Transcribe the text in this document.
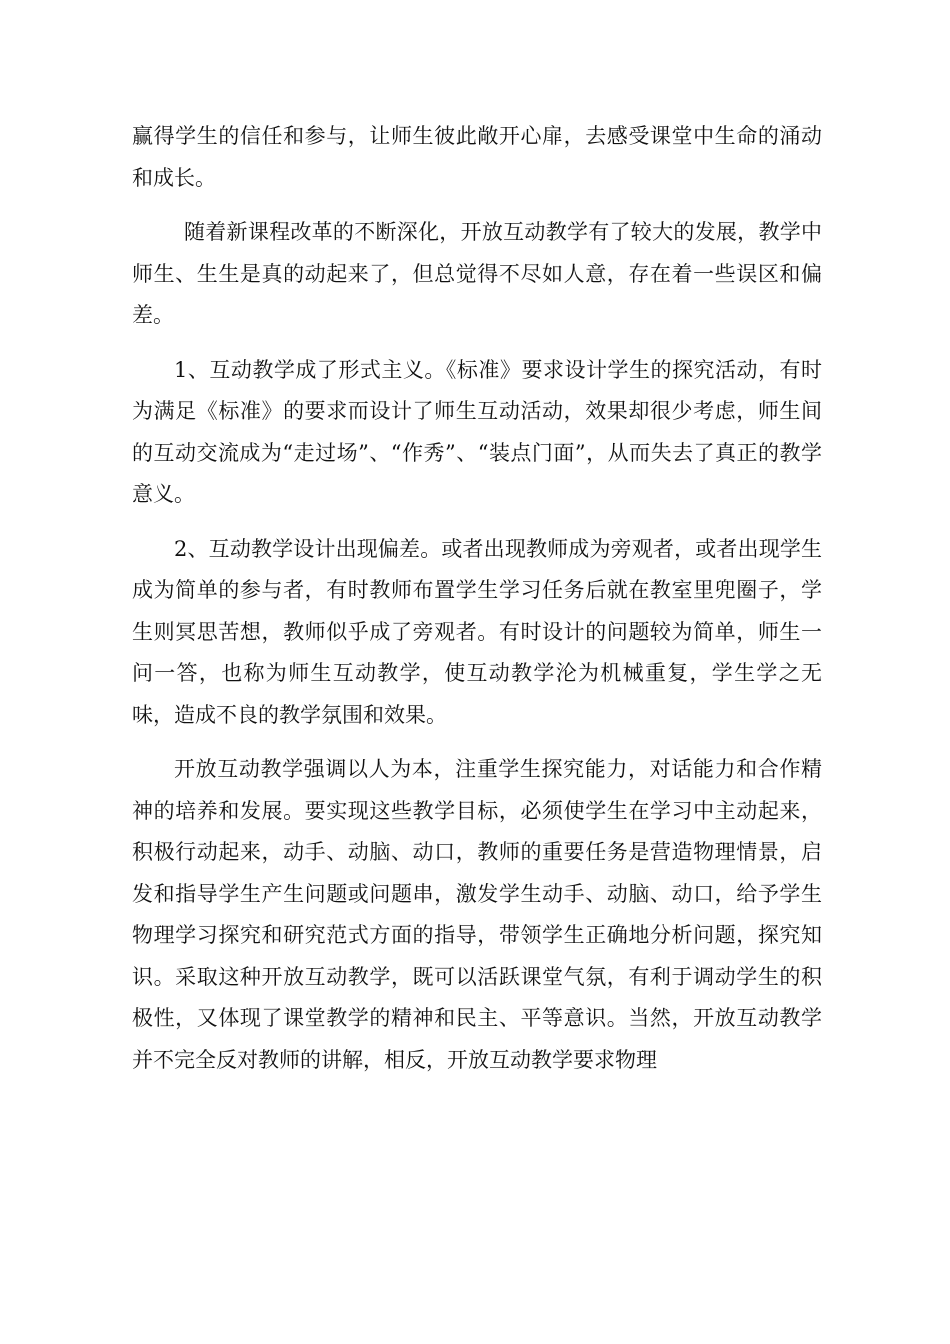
赢得学生的信任和参与，让师生彼此敞开心扉，去感受课堂中生命的涌动和成长。

随着新课程改革的不断深化，开放互动教学有了较大的发展，教学中师生、生生是真的动起来了，但总觉得不尽如人意，存在着一些误区和偏差。

1、互动教学成了形式主义。《标准》要求设计学生的探究活动，有时为满足《标准》的要求而设计了师生互动活动，效果却很少考虑，师生间的互动交流成为“走过场”、“作秀”、“装点门面”，从而失去了真正的教学意义。

2、互动教学设计出现偏差。或者出现教师成为旁观者，或者出现学生成为简单的参与者，有时教师布置学生学习任务后就在教室里兜圈子，学生则冥思苦想，教师似乎成了旁观者。有时设计的问题较为简单，师生一问一答，也称为师生互动教学，使互动教学沦为机械重复，学生学之无味，造成不良的教学氛围和效果。

开放互动教学强调以人为本，注重学生探究能力，对话能力和合作精神的培养和发展。要实现这些教学目标，必须使学生在学习中主动起来，积极行动起来，动手、动脑、动口，教师的重要任务是营造物理情景，启发和指导学生产生问题或问题串，激发学生动手、动脑、动口，给予学生物理学习探究和研究范式方面的指导，带领学生正确地分析问题，探究知识。采取这种开放互动教学，既可以活跃课堂气氛，有利于调动学生的积极性，又体现了课堂教学的精神和民主、平等意识。当然，开放互动教学并不完全反对教师的讲解，相反，开放互动教学要求物理
